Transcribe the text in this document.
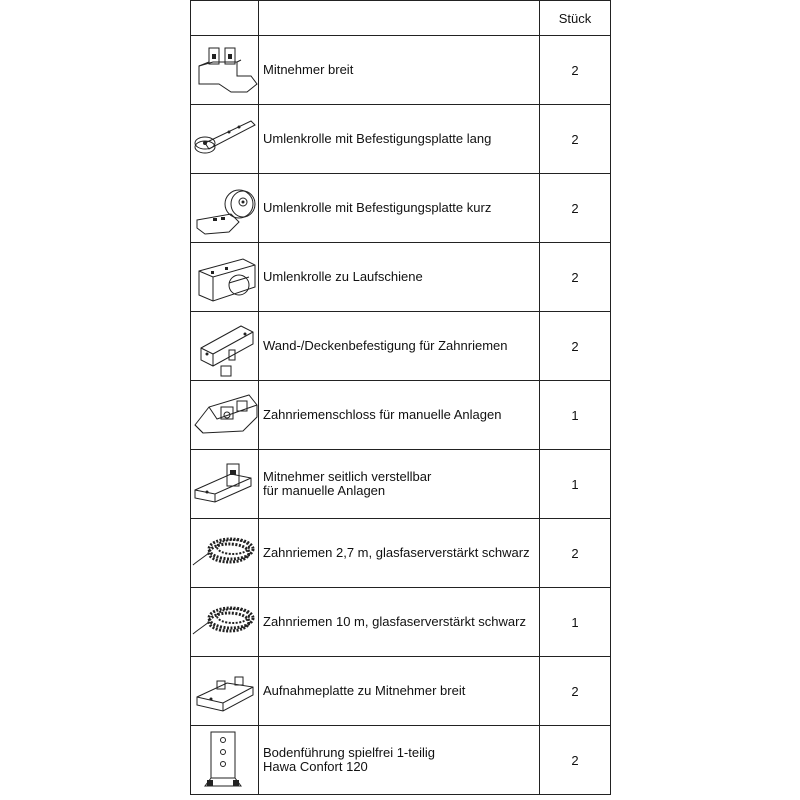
		Stück

Mitnehmer breit	2

Umlenkrolle mit Befestigungsplatte lang	2

Umlenkrolle mit Befestigungsplatte kurz	2

Umlenkrolle zu Laufschiene	2

Wand-/Deckenbefestigung für Zahnriemen	2

Zahnriemenschloss für manuelle Anlagen	1

Mitnehmer seitlich verstellbar
für manuelle Anlagen	1

Zahnriemen 2,7 m, glasfaserverstärkt schwarz	2

Zahnriemen 10 m, glasfaserverstärkt schwarz	1

Aufnahmeplatte zu Mitnehmer breit	2

Bodenführung spielfrei 1-teilig
Hawa Confort 120	2
